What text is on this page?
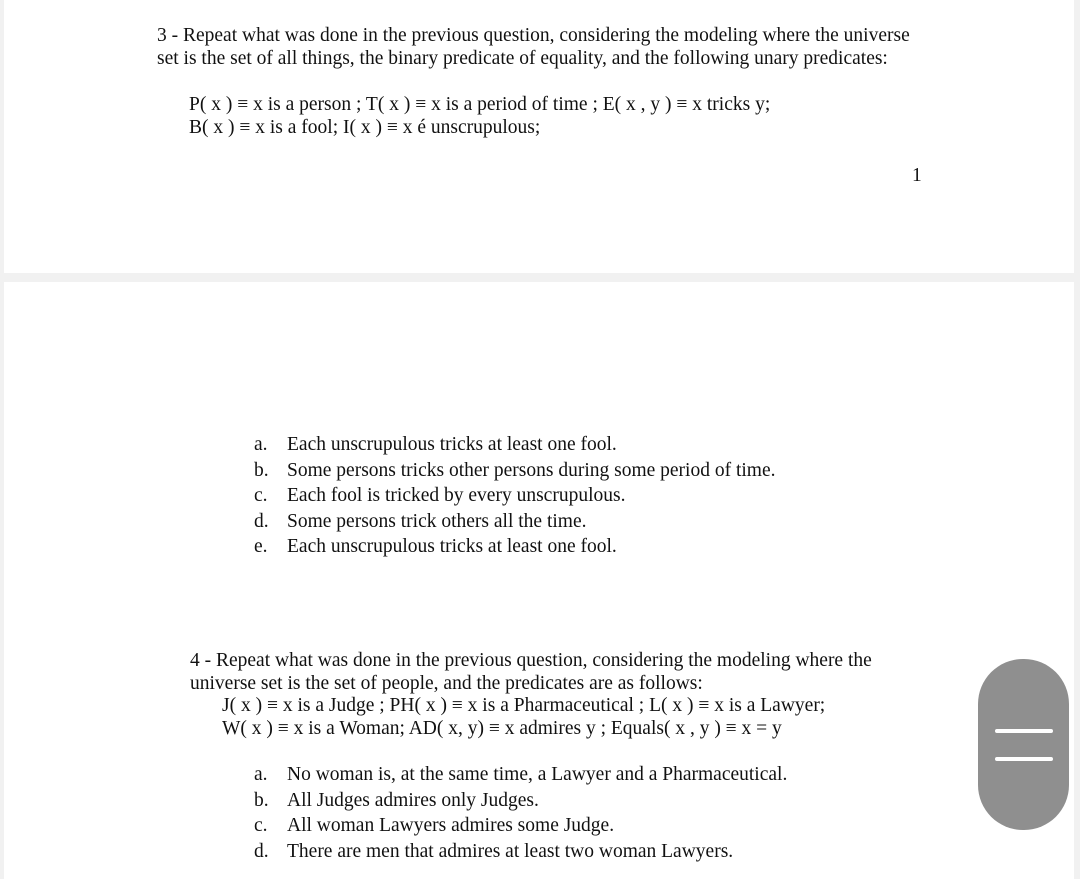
3 - Repeat what was done in the previous question, considering the modeling where the universe
set is the set of all things, the binary predicate of equality, and the following unary predicates:
P( x ) ≡ x is a person ; T( x ) ≡ x is a period of time ; E( x , y ) ≡ x tricks y;
B( x ) ≡ x is a fool; I( x ) ≡ x é unscrupulous;
1
a. Each unscrupulous tricks at least one fool.
b. Some persons tricks other persons during some period of time.
c. Each fool is tricked by every unscrupulous.
d. Some persons trick others all the time.
e. Each unscrupulous tricks at least one fool.
4 - Repeat what was done in the previous question, considering the modeling where the
universe set is the set of people, and the predicates are as follows:
J( x ) ≡ x is a Judge ; PH( x ) ≡ x is a Pharmaceutical ; L( x ) ≡ x is a Lawyer;
W( x ) ≡ x is a Woman; AD( x, y) ≡ x admires y ; Equals( x , y ) ≡ x = y
a. No woman is, at the same time, a Lawyer and a Pharmaceutical.
b. All Judges admires only Judges.
c. All woman Lawyers admires some Judge.
d. There are men that admires at least two woman Lawyers.
